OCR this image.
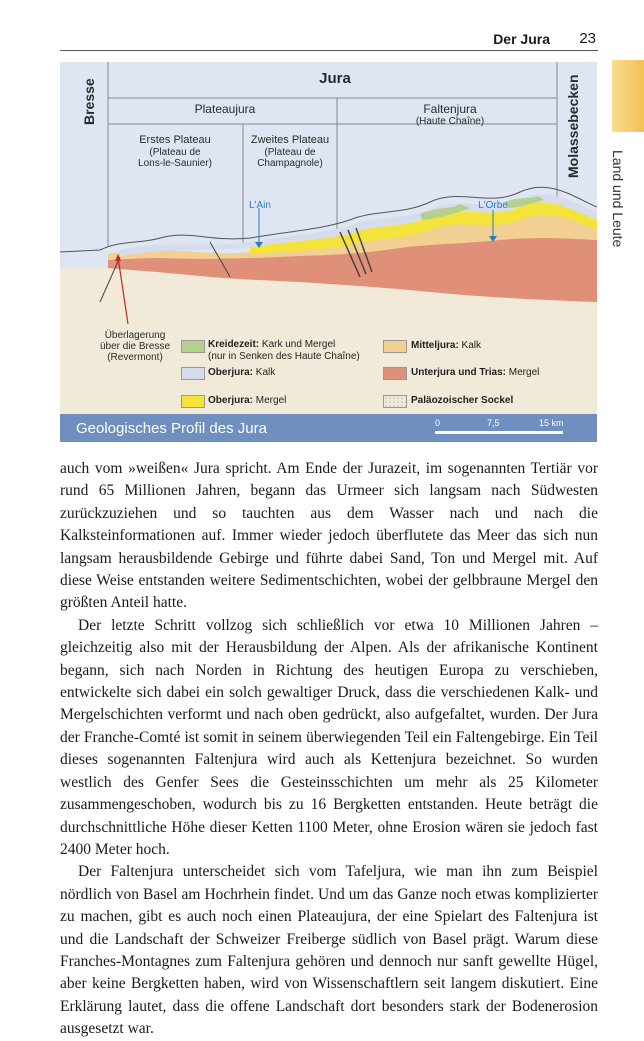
Der Jura 23
Land und Leute
Bresse
Jura	Molassebecken
Plateaujura	Faltenjura
(Haute Chaîne)
Erstes Plateau
(Plateau de
Lons-le-Saunier)
Zweites Plateau
(Plateau de
Champagnole)
L'Ain	L'Orbe
Überlagerung
über die Bresse
(Revermont)
Kreidezeit: Kark und Mergel
(nur in Senken des Haute Chaîne)
Oberjura: Kalk
Oberjura: Mergel
Mitteljura: Kalk
Unterjura und Trias: Mergel
Paläozoischer Sockel
Geologisches Profil des Jura	0	7,5	15 km

auch vom »weißen« Jura spricht. Am Ende der Jurazeit, im sogenannten Tertiär vor rund 65 Millionen Jahren, begann das Urmeer sich langsam nach Südwesten zurückzuziehen und so tauchten aus dem Wasser nach und nach die Kalksteinformationen auf. Immer wieder jedoch überflutete das Meer das sich nun langsam herausbildende Gebirge und führte dabei Sand, Ton und Mergel mit. Auf diese Weise entstanden weitere Sedimentschichten, wobei der gelbbraune Mergel den größten Anteil hatte.

Der letzte Schritt vollzog sich schließlich vor etwa 10 Millionen Jahren – gleichzeitig also mit der Herausbildung der Alpen. Als der afrikanische Kontinent begann, sich nach Norden in Richtung des heutigen Europa zu verschieben, entwickelte sich dabei ein solch gewaltiger Druck, dass die verschiedenen Kalk- und Mergelschichten verformt und nach oben gedrückt, also aufgefaltet, wurden. Der Jura der Franche-Comté ist somit in seinem überwiegenden Teil ein Faltengebirge. Ein Teil dieses sogenannten Faltenjura wird auch als Kettenjura bezeichnet. So wurden westlich des Genfer Sees die Gesteinsschichten um mehr als 25 Kilometer zusammengeschoben, wodurch bis zu 16 Bergketten entstanden. Heute beträgt die durchschnittliche Höhe dieser Ketten 1100 Meter, ohne Erosion wären sie jedoch fast 2400 Meter hoch.

Der Faltenjura unterscheidet sich vom Tafeljura, wie man ihn zum Beispiel nördlich von Basel am Hochrhein findet. Und um das Ganze noch etwas komplizierter zu machen, gibt es auch noch einen Plateaujura, der eine Spielart des Faltenjura ist und die Landschaft der Schweizer Freiberge südlich von Basel prägt. Warum diese Franches-Montagnes zum Faltenjura gehören und dennoch nur sanft gewellte Hügel, aber keine Bergketten haben, wird von Wissenschaftlern seit langem diskutiert. Eine Erklärung lautet, dass die offene Landschaft dort besonders stark der Bodenerosion ausgesetzt war.
